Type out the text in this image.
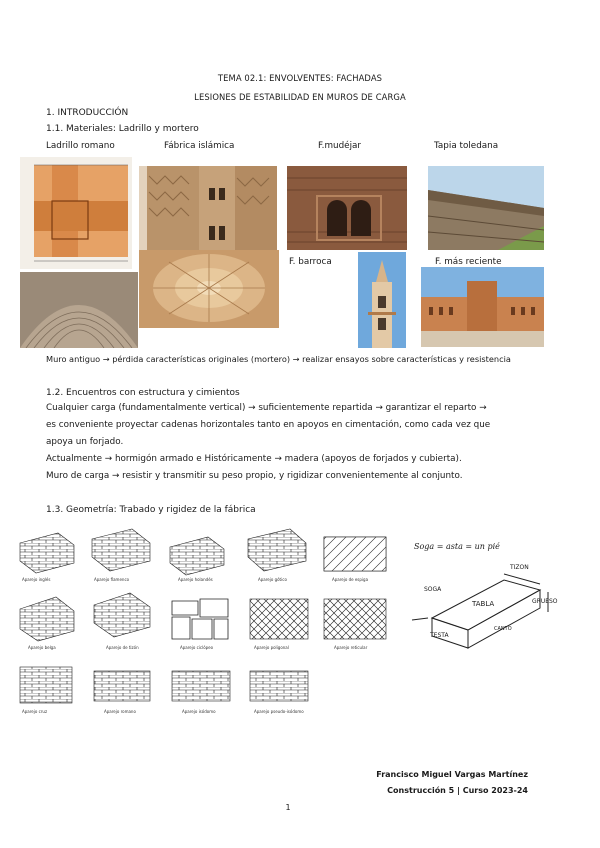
TEMA 02.1: ENVOLVENTES: FACHADAS
LESIONES DE ESTABILIDAD EN MUROS DE CARGA
1. INTRODUCCIÓN
1.1. Materiales: Ladrillo y mortero
Ladrillo romano	Fábrica islámica	F.mudéjar	Tapia toledana
F. barroca	F. más reciente
Muro antiguo → pérdida características originales (mortero) → realizar ensayos sobre características y resistencia
1.2. Encuentros con estructura y cimientos
Cualquier carga (fundamentalmente vertical) → suficientemente repartida → garantizar el reparto →
es conveniente proyectar cadenas horizontales tanto en apoyos en cimentación, como cada vez que
apoya un forjado.
Actualmente → hormigón armado e Históricamente → madera (apoyos de forjados y cubierta).
Muro de carga → resistir y transmitir su peso propio, y rigidizar convenientemente al conjunto.
1.3. Geometría: Trabado y rigidez de la fábrica
Aparejo inglés	Aparejo flamenco	Aparejo holandés	Aparejo gótico	Aparejo de espiga
Aparejo belga	Aparejo de tizón	Aparejo ciclópeo	Aparejo poligonal	Aparejo reticular
Aparejo cruz	Aparejo romano	Aparejo isódomo	Aparejo pseudo-isódomo
Soga = asta = un pié
SOGA
TIZON
GRUESO
TABLA
TESTA
CANTO
Francisco Miguel Vargas Martínez
Construcción 5 | Curso 2023-24
1
